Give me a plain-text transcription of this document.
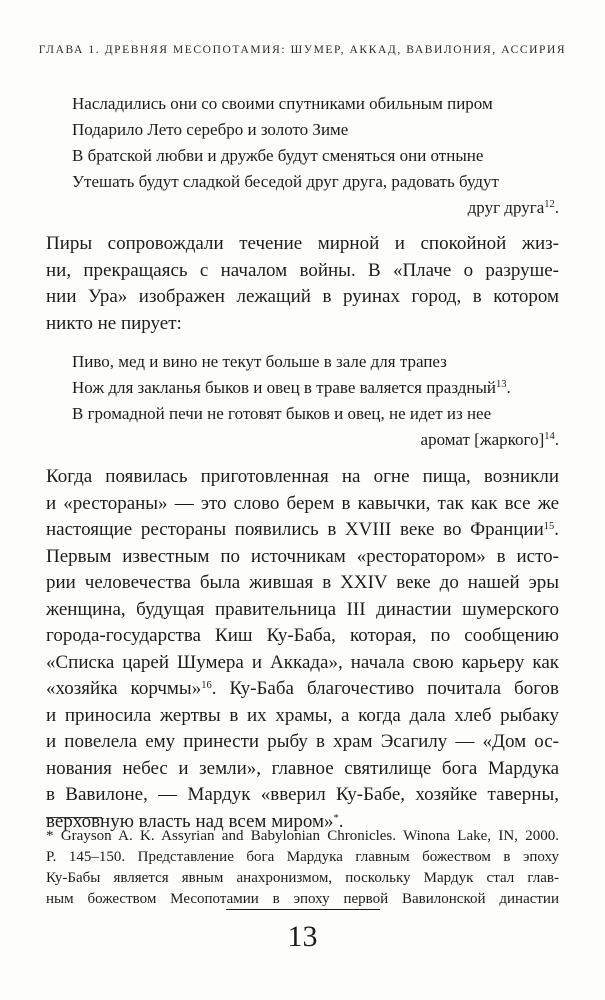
ГЛАВА 1. ДРЕВНЯЯ МЕСОПОТАМИЯ: ШУМЕР, АККАД, ВАВИЛОНИЯ, АССИРИЯ
Насладились они со своими спутниками обильным пиром
Подарило Лето серебро и золото Зиме
В братской любви и дружбе будут сменяться они отныне
Утешать будут сладкой беседой друг друга, радовать будут
друг друга$^{12}$.
Пиры сопровождали течение мирной и спокойной жиз-
ни, прекращаясь с началом войны. В «Плаче о разруше-
нии Ура» изображен лежащий в руинах город, в котором
никто не пирует:
Пиво, мед и вино не текут больше в зале для трапез
Нож для закланья быков и овец в траве валяется праздный$^{13}$.
В громадной печи не готовят быков и овец, не идет из нее
аромат [жаркого]$^{14}$.
Когда появилась приготовленная на огне пища, возникли
и «рестораны» — это слово берем в кавычки, так как все же
настоящие рестораны появились в XVIII веке во Франции$^{15}$.
Первым известным по источникам «ресторатором» в исто-
рии человечества была жившая в XXIV веке до нашей эры
женщина, будущая правительница III династии шумерского
города-государства Киш Ку-Баба, которая, по сообщению
«Списка царей Шумера и Аккада», начала свою карьеру как
«хозяйка корчмы»$^{16}$. Ку-Баба благочестиво почитала богов
и приносила жертвы в их храмы, а когда дала хлеб рыбаку
и повелела ему принести рыбу в храм Эсагилу — «Дом ос-
нования небес и земли», главное святилище бога Мардука
в Вавилоне, — Мардук «вверил Ку-Бабе, хозяйке таверны,
верховную власть над всем миром»*.
* Grayson A. K. Assyrian and Babylonian Chronicles. Winona Lake, IN, 2000.
P. 145–150. Представление бога Мардука главным божеством в эпоху
Ку-Бабы является явным анахронизмом, поскольку Мардук стал глав-
ным божеством Месопотамии в эпоху первой Вавилонской династии
13
